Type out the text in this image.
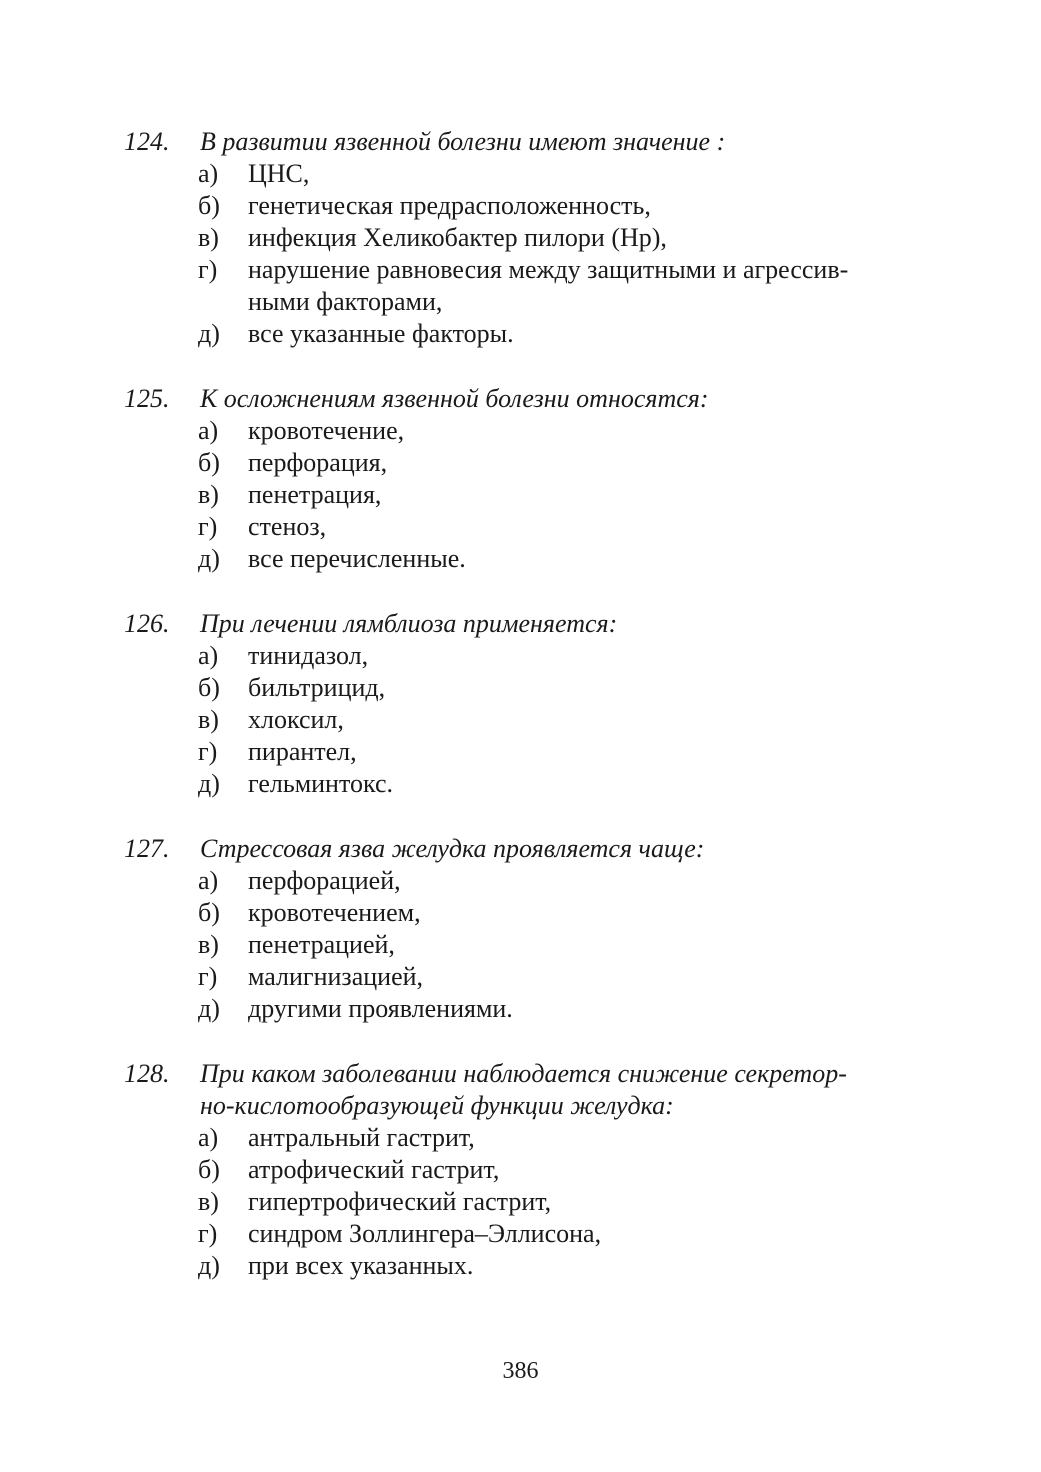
124.	В развитии язвенной болезни имеют значение :
а)	ЦНС,
б)	генетическая предрасположенность,
в)	инфекция Хеликобактер пилори (Hp),
г)	нарушение равновесия между защитными и агрессив-
ными факторами,
д)	все указанные факторы.
125.	К осложнениям язвенной болезни относятся:
а)	кровотечение,
б)	перфорация,
в)	пенетрация,
г)	стеноз,
д)	все перечисленные.
126.	При лечении лямблиоза применяется:
а)	тинидазол,
б)	бильтрицид,
в)	хлоксил,
г)	пирантел,
д)	гельминтокс.
127.	Стрессовая язва желудка проявляется чаще:
а)	перфорацией,
б)	кровотечением,
в)	пенетрацией,
г)	малигнизацией,
д)	другими проявлениями.
128.	При каком заболевании наблюдается снижение секретор-
но-кислотообразующей функции желудка:
а)	антральный гастрит,
б)	атрофический гастрит,
в)	гипертрофический гастрит,
г)	синдром Золлингера–Эллисона,
д)	при всех указанных.
386
